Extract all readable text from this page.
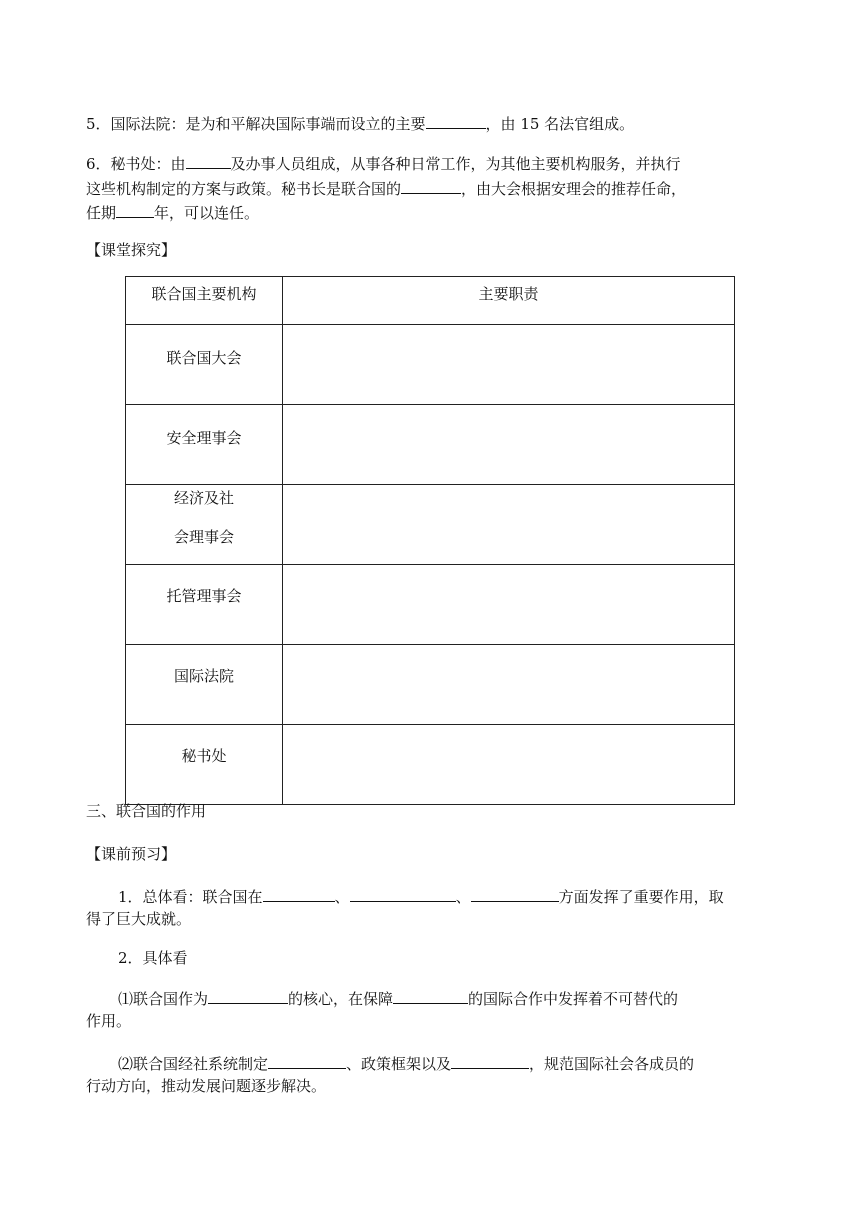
5．国际法院：是为和平解决国际事端而设立的主要	，由 15 名法官组成。
6．秘书处：由	及办事人员组成，从事各种日常工作，为其他主要机构服务，并执行
这些机构制定的方案与政策。秘书长是联合国的	，由大会根据安理会的推荐任命，
任期	年，可以连任。
【课堂探究】
联合国主要机构	主要职责

联合国大会	

安全理事会	

经济及社
会理事会	

托管理事会	

国际法院	

秘书处	

三、联合国的作用
【课前预习】
1．总体看：联合国在	、	、	方面发挥了重要作用，取
得了巨大成就。
2．具体看
⑴联合国作为	的核心，在保障	的国际合作中发挥着不可替代的
作用。
⑵联合国经社系统制定	、政策框架以及	，规范国际社会各成员的
行动方向，推动发展问题逐步解决。
